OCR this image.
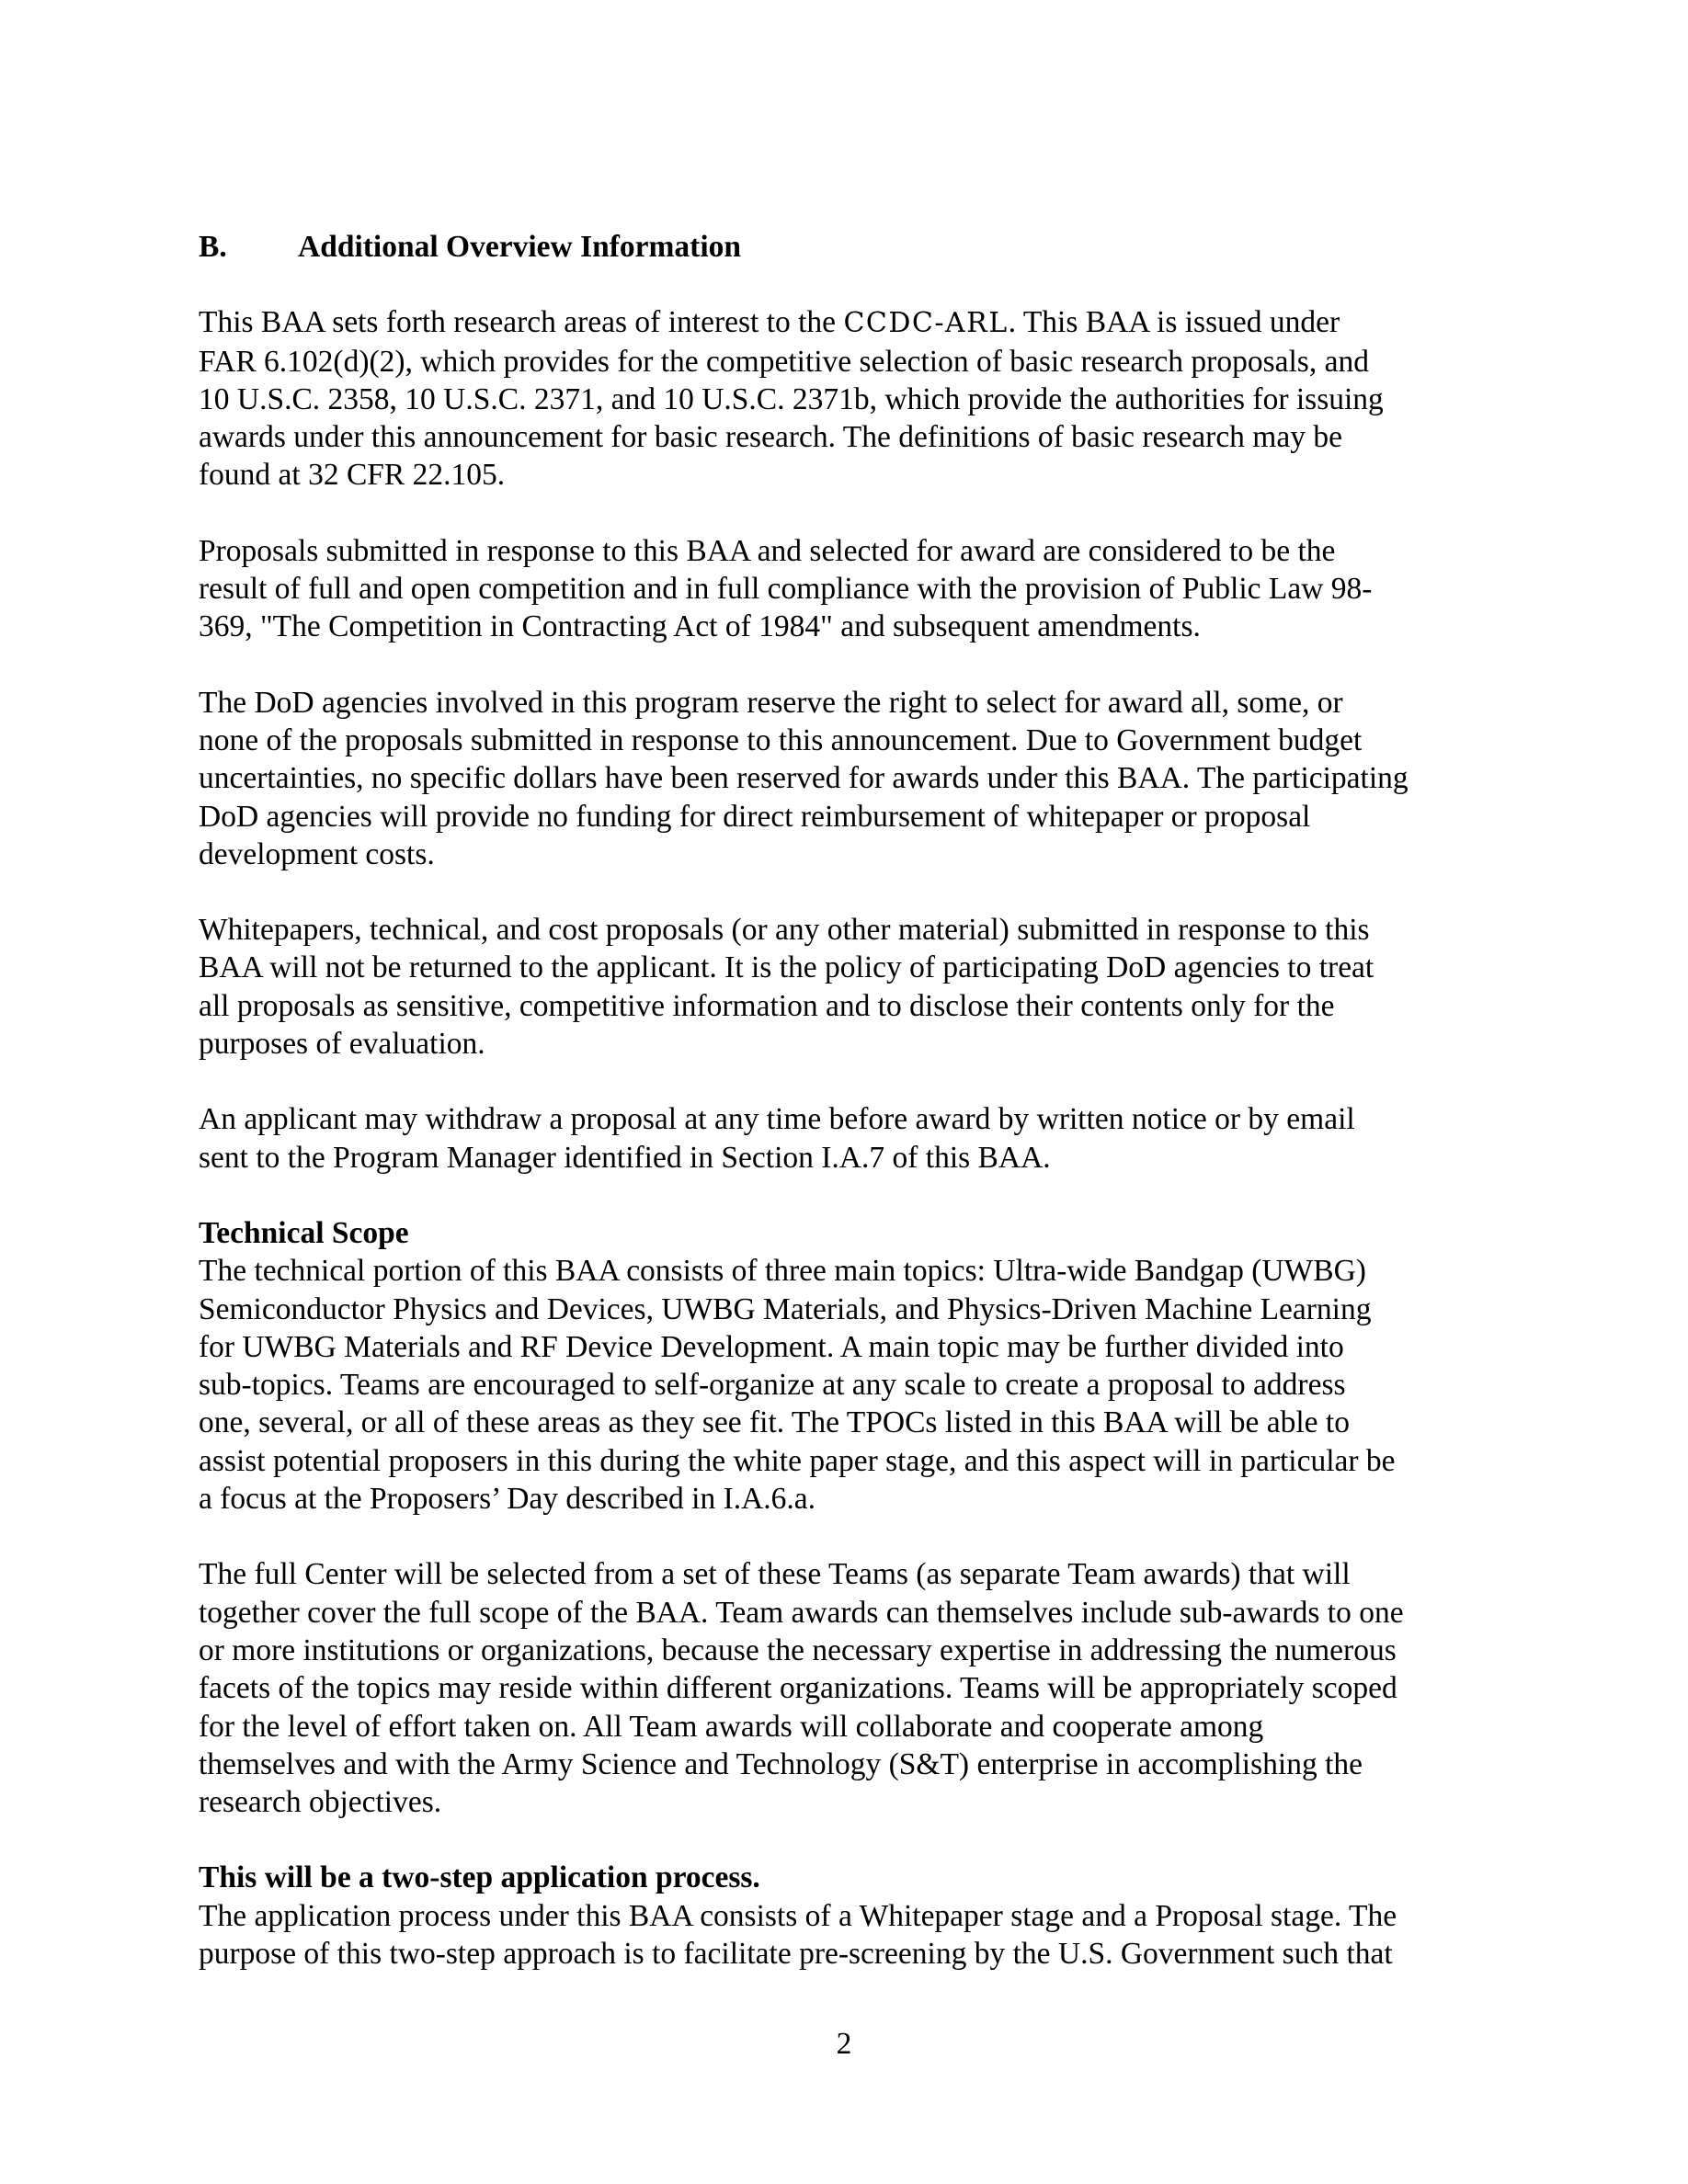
B. Additional Overview Information

This BAA sets forth research areas of interest to the CCDC-ARL. This BAA is issued under
FAR 6.102(d)(2), which provides for the competitive selection of basic research proposals, and
10 U.S.C. 2358, 10 U.S.C. 2371, and 10 U.S.C. 2371b, which provide the authorities for issuing
awards under this announcement for basic research. The definitions of basic research may be
found at 32 CFR 22.105.

Proposals submitted in response to this BAA and selected for award are considered to be the
result of full and open competition and in full compliance with the provision of Public Law 98-
369, "The Competition in Contracting Act of 1984" and subsequent amendments.

The DoD agencies involved in this program reserve the right to select for award all, some, or
none of the proposals submitted in response to this announcement. Due to Government budget
uncertainties, no specific dollars have been reserved for awards under this BAA. The participating
DoD agencies will provide no funding for direct reimbursement of whitepaper or proposal
development costs.

Whitepapers, technical, and cost proposals (or any other material) submitted in response to this
BAA will not be returned to the applicant. It is the policy of participating DoD agencies to treat
all proposals as sensitive, competitive information and to disclose their contents only for the
purposes of evaluation.

An applicant may withdraw a proposal at any time before award by written notice or by email
sent to the Program Manager identified in Section I.A.7 of this BAA.

Technical Scope
The technical portion of this BAA consists of three main topics: Ultra-wide Bandgap (UWBG)
Semiconductor Physics and Devices, UWBG Materials, and Physics-Driven Machine Learning
for UWBG Materials and RF Device Development. A main topic may be further divided into
sub-topics. Teams are encouraged to self-organize at any scale to create a proposal to address
one, several, or all of these areas as they see fit. The TPOCs listed in this BAA will be able to
assist potential proposers in this during the white paper stage, and this aspect will in particular be
a focus at the Proposers’ Day described in I.A.6.a.

The full Center will be selected from a set of these Teams (as separate Team awards) that will
together cover the full scope of the BAA. Team awards can themselves include sub-awards to one
or more institutions or organizations, because the necessary expertise in addressing the numerous
facets of the topics may reside within different organizations. Teams will be appropriately scoped
for the level of effort taken on. All Team awards will collaborate and cooperate among
themselves and with the Army Science and Technology (S&T) enterprise in accomplishing the
research objectives.

This will be a two-step application process.
The application process under this BAA consists of a Whitepaper stage and a Proposal stage. The
purpose of this two-step approach is to facilitate pre-screening by the U.S. Government such that
2
